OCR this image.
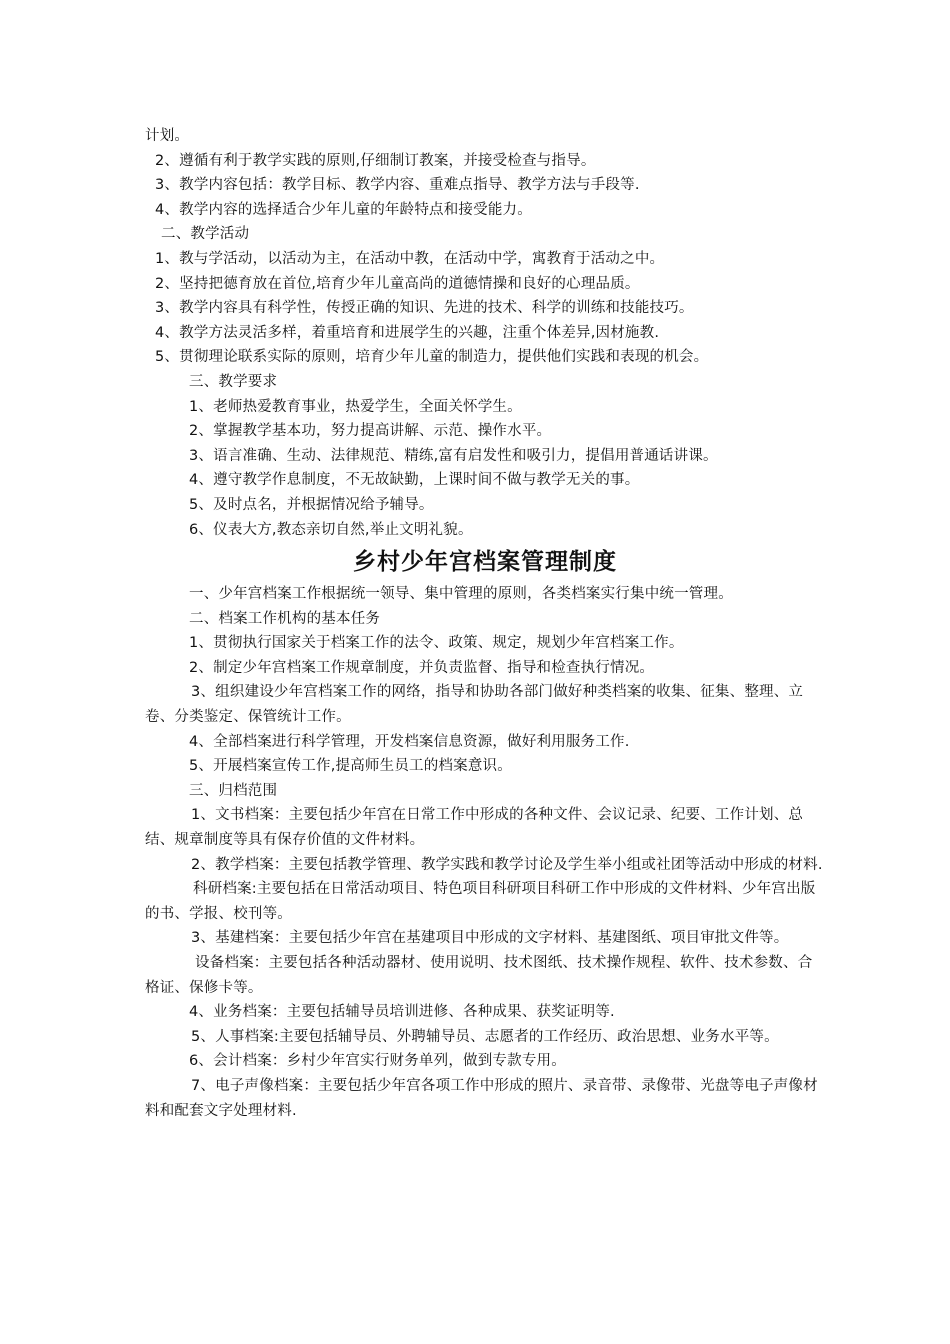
计划。
2、遵循有利于教学实践的原则,仔细制订教案，并接受检查与指导。
3、教学内容包括：教学目标、教学内容、重难点指导、教学方法与手段等.
4、教学内容的选择适合少年儿童的年龄特点和接受能力。
二、教学活动
1、教与学活动，以活动为主，在活动中教，在活动中学，寓教育于活动之中。
2、坚持把德育放在首位,培育少年儿童高尚的道德情操和良好的心理品质。
3、教学内容具有科学性，传授正确的知识、先进的技术、科学的训练和技能技巧。
4、教学方法灵活多样，着重培育和进展学生的兴趣，注重个体差异,因材施教.
5、贯彻理论联系实际的原则，培育少年儿童的制造力，提供他们实践和表现的机会。
三、教学要求
1、老师热爱教育事业，热爱学生，全面关怀学生。
2、掌握教学基本功，努力提高讲解、示范、操作水平。
3、语言准确、生动、法律规范、精练,富有启发性和吸引力，提倡用普通话讲课。
4、遵守教学作息制度，不无故缺勤，上课时间不做与教学无关的事。
5、及时点名，并根据情况给予辅导。
6、仪表大方,教态亲切自然,举止文明礼貌。
乡村少年宫档案管理制度
一、少年宫档案工作根据统一领导、集中管理的原则，各类档案实行集中统一管理。
二、档案工作机构的基本任务
1、贯彻执行国家关于档案工作的法令、政策、规定，规划少年宫档案工作。
2、制定少年宫档案工作规章制度，并负责监督、指导和检查执行情况。
3、组织建设少年宫档案工作的网络，指导和协助各部门做好种类档案的收集、征集、整理、立卷、分类鉴定、保管统计工作。
4、全部档案进行科学管理，开发档案信息资源，做好利用服务工作.
5、开展档案宣传工作,提高师生员工的档案意识。
三、归档范围
1、文书档案：主要包括少年宫在日常工作中形成的各种文件、会议记录、纪要、工作计划、总结、规章制度等具有保存价值的文件材料。
2、教学档案：主要包括教学管理、教学实践和教学讨论及学生举小组或社团等活动中形成的材料.
科研档案:主要包括在日常活动项目、特色项目科研项目科研工作中形成的文件材料、少年宫出版的书、学报、校刊等。
3、基建档案：主要包括少年宫在基建项目中形成的文字材料、基建图纸、项目审批文件等。
设备档案：主要包括各种活动器材、使用说明、技术图纸、技术操作规程、软件、技术参数、合格证、保修卡等。
4、业务档案：主要包括辅导员培训进修、各种成果、获奖证明等.
5、人事档案:主要包括辅导员、外聘辅导员、志愿者的工作经历、政治思想、业务水平等。
6、会计档案：乡村少年宫实行财务单列，做到专款专用。
7、电子声像档案：主要包括少年宫各项工作中形成的照片、录音带、录像带、光盘等电子声像材料和配套文字处理材料.
